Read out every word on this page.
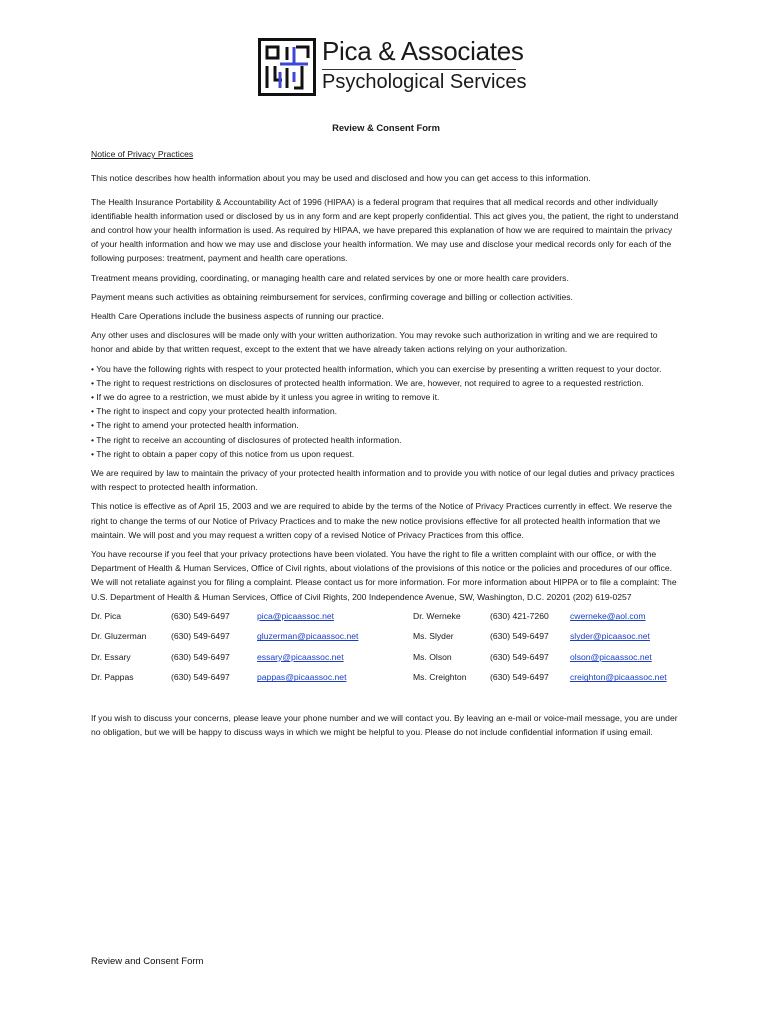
Pica & Associates
Psychological Services
Review & Consent Form
Notice of Privacy Practices

This notice describes how health information about you may be used and disclosed and how you can get access to this information.

The Health Insurance Portability & Accountability Act of 1996 (HIPAA) is a federal program that requires that all medical records and other individually identifiable health information used or disclosed by us in any form and are kept properly confidential. This act gives you, the patient, the right to understand and control how your health information is used. As required by HIPAA, we have prepared this explanation of how we are required to maintain the privacy of your health information and how we may use and disclose your health information. We may use and disclose your medical records only for each of the following purposes: treatment, payment and health care operations.

Treatment means providing, coordinating, or managing health care and related services by one or more health care providers.

Payment means such activities as obtaining reimbursement for services, confirming coverage and billing or collection activities.

Health Care Operations include the business aspects of running our practice.

Any other uses and disclosures will be made only with your written authorization. You may revoke such authorization in writing and we are required to honor and abide by that written request, except to the extent that we have already taken actions relying on your authorization.

• You have the following rights with respect to your protected health information, which you can exercise by presenting a written request to your doctor.
• The right to request restrictions on disclosures of protected health information. We are, however, not required to agree to a requested restriction.
• If we do agree to a restriction, we must abide by it unless you agree in writing to remove it.
• The right to inspect and copy your protected health information.
• The right to amend your protected health information.
• The right to receive an accounting of disclosures of protected health information.
• The right to obtain a paper copy of this notice from us upon request.

We are required by law to maintain the privacy of your protected health information and to provide you with notice of our legal duties and privacy practices with respect to protected health information.

This notice is effective as of April 15, 2003 and we are required to abide by the terms of the Notice of Privacy Practices currently in effect. We reserve the right to change the terms of our Notice of Privacy Practices and to make the new notice provisions effective for all protected health information that we maintain. We will post and you may request a written copy of a revised Notice of Privacy Practices from this office.

You have recourse if you feel that your privacy protections have been violated. You have the right to file a written complaint with our office, or with the Department of Health & Human Services, Office of Civil rights, about violations of the provisions of this notice or the policies and procedures of our office. We will not retaliate against you for filing a complaint. Please contact us for more information. For more information about HIPPA or to file a complaint: The U.S. Department of Health & Human Services, Office of Civil Rights, 200 Independence Avenue, SW, Washington, D.C. 20201 (202) 619-0257

Dr. Pica	(630) 549-6497	pica@picaassoc.net	Dr. Werneke	(630) 421-7260	cwerneke@aol.com
Dr. Gluzerman	(630) 549-6497	gluzerman@picaassoc.net	Ms. Slyder	(630) 549-6497	slyder@picaasoc.net
Dr. Essary	(630) 549-6497	essary@picaassoc.net	Ms. Olson	(630) 549-6497	olson@picaassoc.net
Dr. Pappas	(630) 549-6497	pappas@picaassoc.net	Ms. Creighton	(630) 549-6497	creighton@picaassoc.net

If you wish to discuss your concerns, please leave your phone number and we will contact you. By leaving an e-mail or voice-mail message, you are under no obligation, but we will be happy to discuss ways in which we might be helpful to you. Please do not include confidential information if using email.

Review and Consent Form
